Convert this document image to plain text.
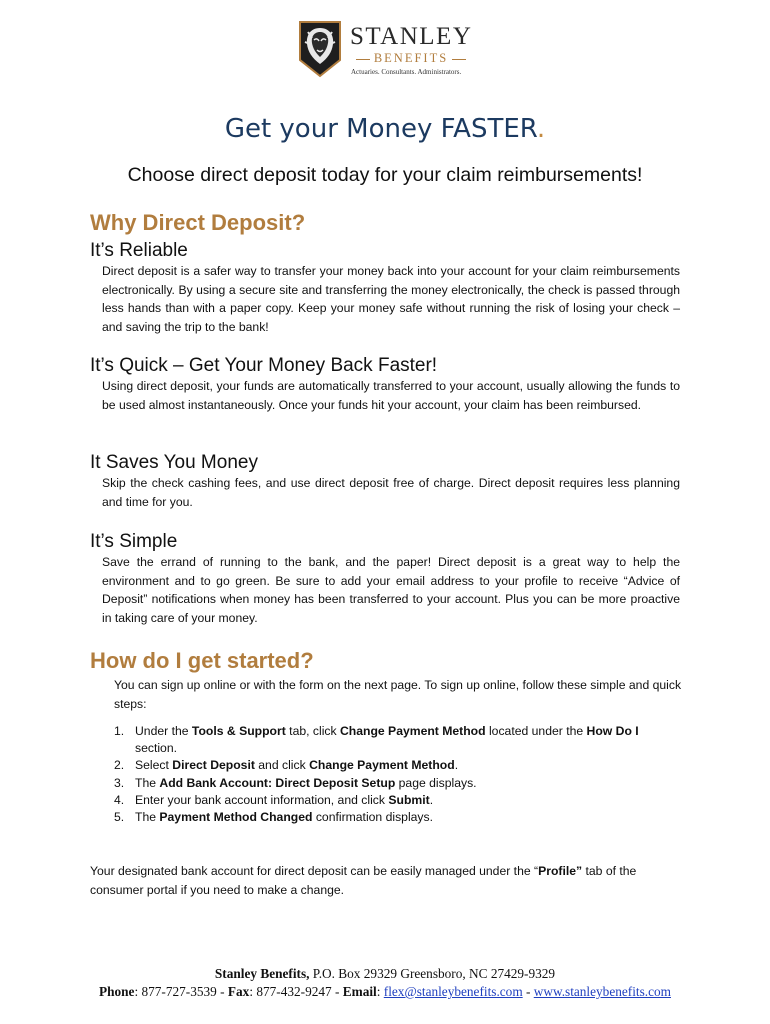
STANLEY
BENEFITS
Actuaries. Consultants. Administrators.
Get your Money FASTER.
Choose direct deposit today for your claim reimbursements!
Why Direct Deposit?
It’s Reliable
Direct deposit is a safer way to transfer your money back into your account for your claim reimbursements electronically. By using a secure site and transferring the money electronically, the check is passed through less hands than with a paper copy. Keep your money safe without running the risk of losing your check – and saving the trip to the bank!
It’s Quick – Get Your Money Back Faster!
Using direct deposit, your funds are automatically transferred to your account, usually allowing the funds to be used almost instantaneously. Once your funds hit your account, your claim has been reimbursed.
It Saves You Money
Skip the check cashing fees, and use direct deposit free of charge. Direct deposit requires less planning and time for you.
It’s Simple
Save the errand of running to the bank, and the paper! Direct deposit is a great way to help the environment and to go green. Be sure to add your email address to your profile to receive “Advice of Deposit” notifications when money has been transferred to your account. Plus you can be more proactive in taking care of your money.
How do I get started?
You can sign up online or with the form on the next page. To sign up online, follow these simple and quick steps:
1. Under the Tools & Support tab, click Change Payment Method located under the How Do I section.
2. Select Direct Deposit and click Change Payment Method.
3. The Add Bank Account: Direct Deposit Setup page displays.
4. Enter your bank account information, and click Submit.
5. The Payment Method Changed confirmation displays.
Your designated bank account for direct deposit can be easily managed under the “Profile” tab of the consumer portal if you need to make a change.
Stanley Benefits, P.O. Box 29329 Greensboro, NC 27429-9329
Phone: 877-727-3539 - Fax: 877-432-9247 - Email: flex@stanleybenefits.com - www.stanleybenefits.com
